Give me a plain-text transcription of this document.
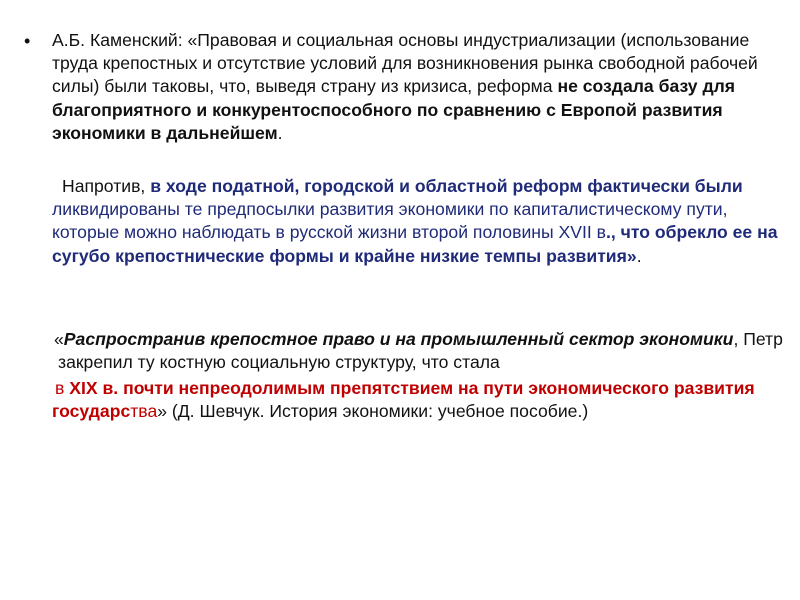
• А.Б. Каменский: «Правовая и социальная основы индустриализации (использование труда крепостных и отсутствие условий для возникновения рынка свободной рабочей силы) были таковы, что, выведя страну из кризиса, реформа не создала базу для благоприятного и конкурентоспособного по сравнению с Европой развития экономики в дальнейшем.

Напротив, в ходе податной, городской и областной реформ фактически были ликвидированы те предпосылки развития экономики по капиталистическому пути, которые можно наблюдать в русской жизни второй половины XVII в., что обрекло ее на сугубо крепостнические формы и крайне низкие темпы развития».

«Распространив крепостное право и на промышленный сектор экономики, Петр закрепил ту костную социальную структуру, что стала

в XIX в. почти непреодолимым препятствием на пути экономического развития государства» (Д. Шевчук. История экономики: учебное пособие.)
